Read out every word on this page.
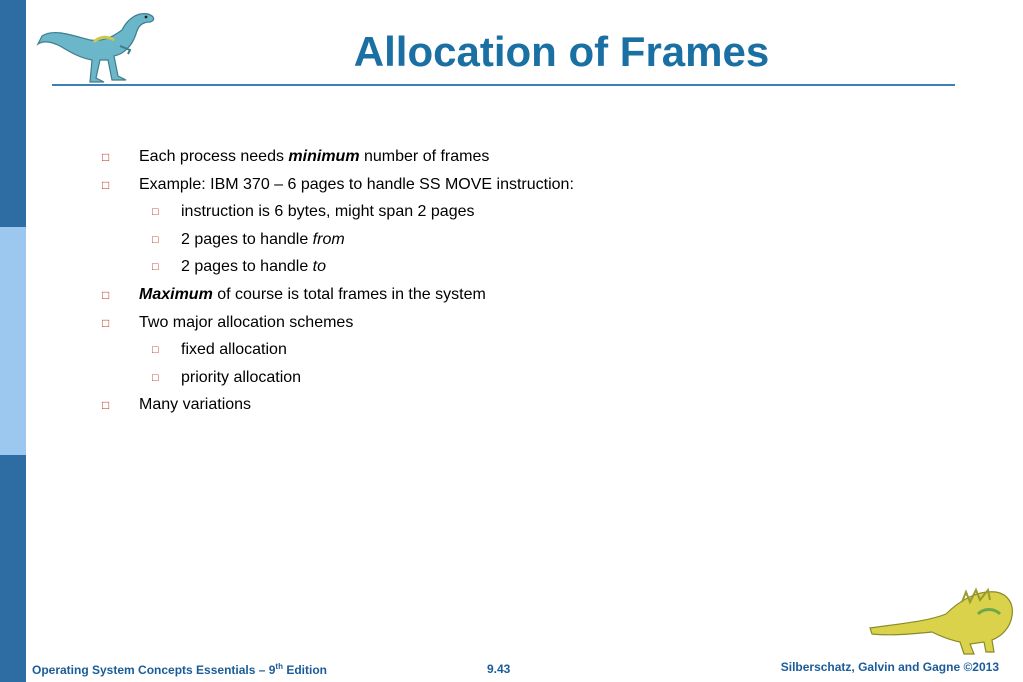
Allocation of Frames
□ Each process needs minimum number of frames
□ Example: IBM 370 – 6 pages to handle SS MOVE instruction:
□ instruction is 6 bytes, might span 2 pages
□ 2 pages to handle from
□ 2 pages to handle to
□ Maximum of course is total frames in the system
□ Two major allocation schemes
□ fixed allocation
□ priority allocation
□ Many variations
Operating System Concepts Essentials – 9th Edition	9.43	Silberschatz, Galvin and Gagne ©2013
